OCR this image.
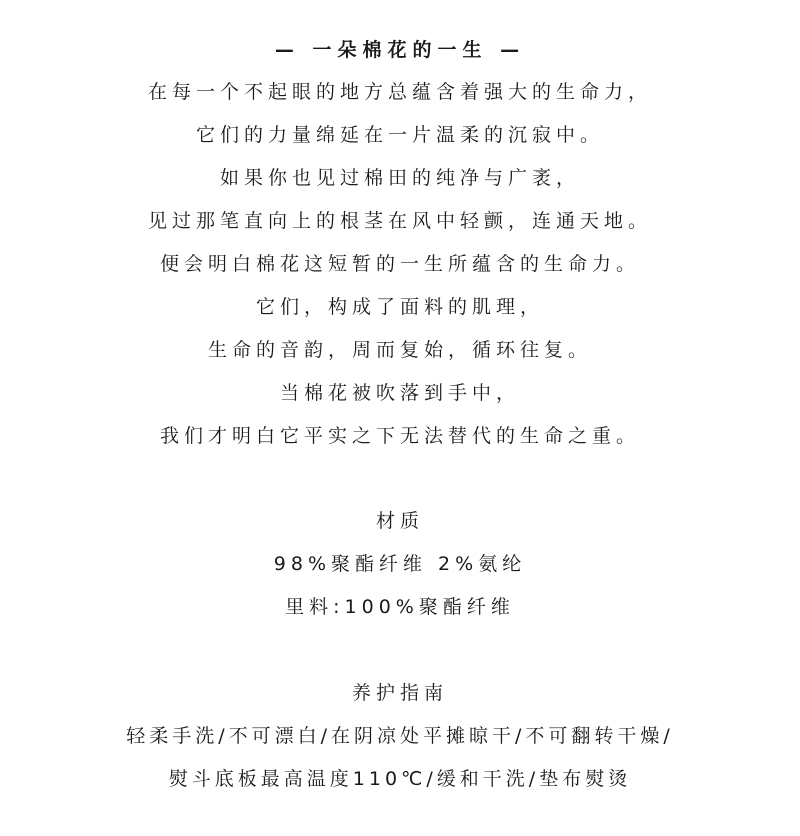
— 一朵棉花的一生 —
在每一个不起眼的地方总蕴含着强大的生命力，
它们的力量绵延在一片温柔的沉寂中。
如果你也见过棉田的纯净与广袤，
见过那笔直向上的根茎在风中轻颤，连通天地。
便会明白棉花这短暂的一生所蕴含的生命力。
它们，构成了面料的肌理，
生命的音韵，周而复始，循环往复。
当棉花被吹落到手中，
我们才明白它平实之下无法替代的生命之重。
材质
98%聚酯纤维 2%氨纶
里料:100%聚酯纤维
养护指南
轻柔手洗/不可漂白/在阴凉处平摊晾干/不可翻转干燥/
熨斗底板最高温度110℃/缓和干洗/垫布熨烫
